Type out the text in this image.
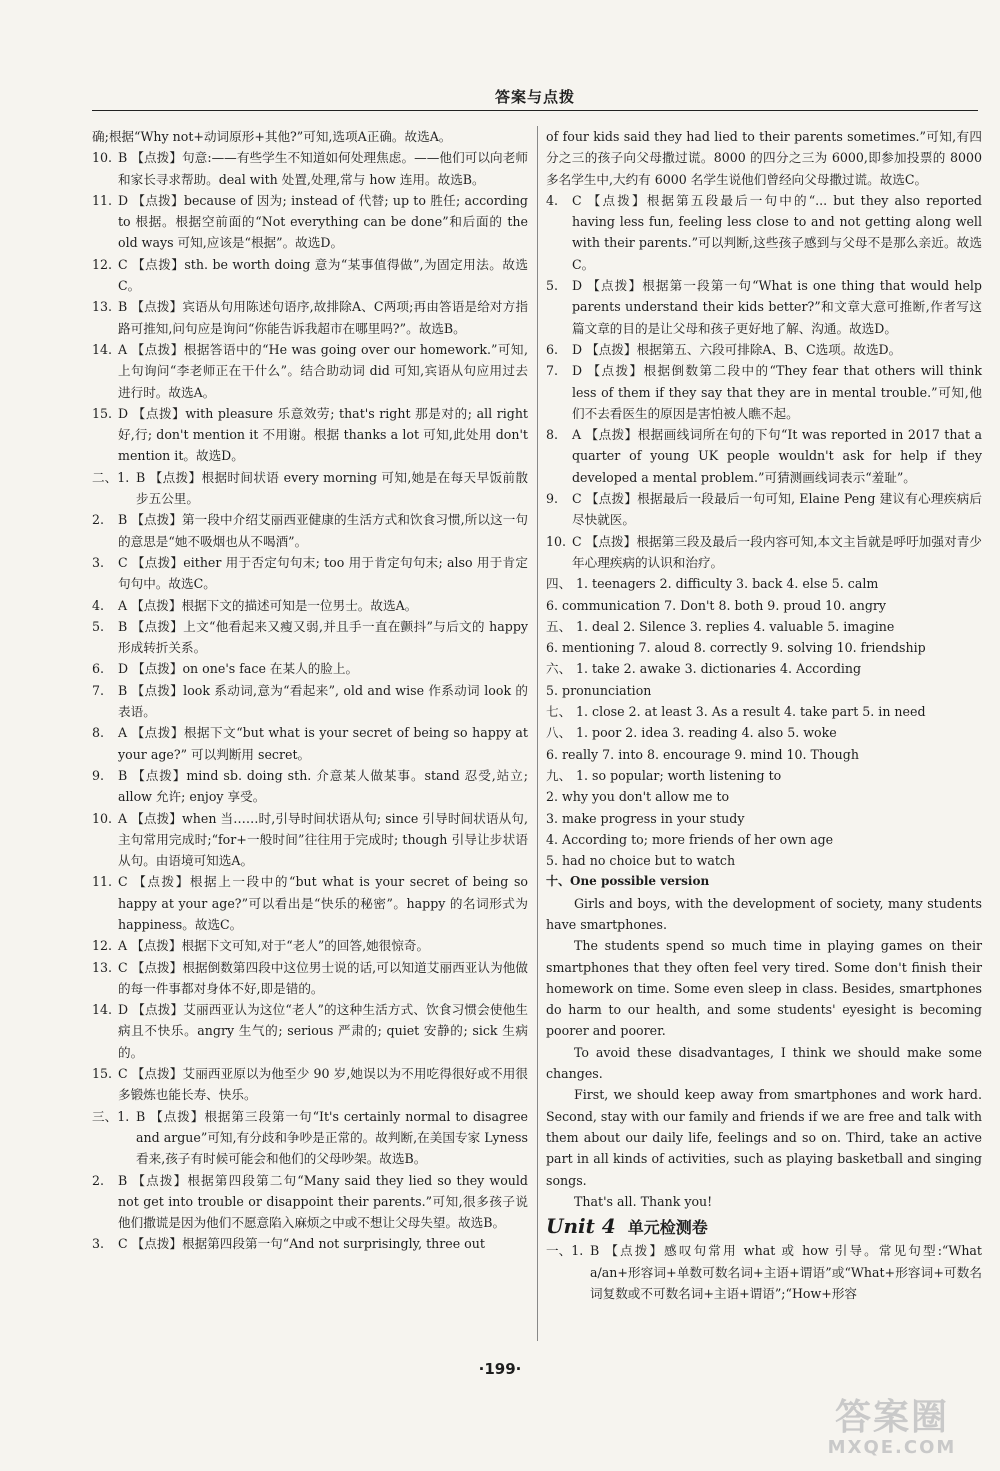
答案与点拨
确;根据“Why not+动词原形+其他?”可知,选项A正确。故选A。
10. B 【点拨】句意:——有些学生不知道如何处理焦虑。——他们可以向老师和家长寻求帮助。deal with 处置,处理,常与 how 连用。故选B。
11. D 【点拨】because of 因为; instead of 代替; up to 胜任; according to 根据。根据空前面的“Not everything can be done”和后面的 the old ways 可知,应该是“根据”。故选D。
12. C 【点拨】sth. be worth doing 意为“某事值得做”,为固定用法。故选C。
13. B 【点拨】宾语从句用陈述句语序,故排除A、C两项;再由答语是给对方指路可推知,问句应是询问“你能告诉我超市在哪里吗?”。故选B。
14. A 【点拨】根据答语中的“He was going over our homework.”可知,上句询问“李老师正在干什么”。结合助动词 did 可知,宾语从句应用过去进行时。故选A。
15. D 【点拨】with pleasure 乐意效劳; that's right 那是对的; all right 好,行; don't mention it 不用谢。根据 thanks a lot 可知,此处用 don't mention it。故选D。
二、1. B 【点拨】根据时间状语 every morning 可知,她是在每天早饭前散步五公里。
2.	B 【点拨】第一段中介绍艾丽西亚健康的生活方式和饮食习惯,所以这一句的意思是“她不吸烟也从不喝酒”。
3.	C 【点拨】either 用于否定句句末; too 用于肯定句句末; also 用于肯定句句中。故选C。
4.	A 【点拨】根据下文的描述可知是一位男士。故选A。
5.	B 【点拨】上文“他看起来又瘦又弱,并且手一直在颤抖”与后文的 happy 形成转折关系。
6.	D 【点拨】on one's face 在某人的脸上。
7.	B 【点拨】look 系动词,意为“看起来”, old and wise 作系动词 look 的表语。
8.	A 【点拨】根据下文“but what is your secret of being so happy at your age?” 可以判断用 secret。
9.	B 【点拨】mind sb. doing sth. 介意某人做某事。stand 忍受,站立; allow 允许; enjoy 享受。
10. A 【点拨】when 当……时,引导时间状语从句; since 引导时间状语从句,主句常用完成时;“for+一般时间”往往用于完成时; though 引导让步状语从句。由语境可知选A。
11. C 【点拨】根据上一段中的“but what is your secret of being so happy at your age?”可以看出是“快乐的秘密”。happy 的名词形式为 happiness。故选C。
12. A 【点拨】根据下文可知,对于“老人”的回答,她很惊奇。
13. C 【点拨】根据倒数第四段中这位男士说的话,可以知道艾丽西亚认为他做的每一件事都对身体不好,即是错的。
14. D 【点拨】艾丽西亚认为这位“老人”的这种生活方式、饮食习惯会使他生病且不快乐。angry 生气的; serious 严肃的; quiet 安静的; sick 生病的。
15. C 【点拨】艾丽西亚原以为他至少 90 岁,她误以为不用吃得很好或不用很多锻炼也能长寿、快乐。
三、1. B 【点拨】根据第三段第一句“It's certainly normal to disagree and argue”可知,有分歧和争吵是正常的。故判断,在美国专家 Lyness 看来,孩子有时候可能会和他们的父母吵架。故选B。
2.	B 【点拨】根据第四段第二句“Many said they lied so they would not get into trouble or disappoint their parents.”可知,很多孩子说他们撒谎是因为他们不愿意陷入麻烦之中或不想让父母失望。故选B。
3.	C 【点拨】根据第四段第一句“And not surprisingly, three out
of four kids said they had lied to their parents sometimes.”可知,有四分之三的孩子向父母撒过谎。8000 的四分之三为 6000,即参加投票的 8000 多名学生中,大约有 6000 名学生说他们曾经向父母撒过谎。故选C。
4.	C 【点拨】根据第五段最后一句中的“... but they also reported having less fun, feeling less close to and not getting along well with their parents.”可以判断,这些孩子感到与父母不是那么亲近。故选C。
5.	D 【点拨】根据第一段第一句“What is one thing that would help parents understand their kids better?”和文章大意可推断,作者写这篇文章的目的是让父母和孩子更好地了解、沟通。故选D。
6.	D 【点拨】根据第五、六段可排除A、B、C选项。故选D。
7.	D 【点拨】根据倒数第二段中的“They fear that others will think less of them if they say that they are in mental trouble.”可知,他们不去看医生的原因是害怕被人瞧不起。
8.	A 【点拨】根据画线词所在句的下句“It was reported in 2017 that a quarter of young UK people wouldn't ask for help if they developed a mental problem.”可猜测画线词表示“羞耻”。
9.	C 【点拨】根据最后一段最后一句可知, Elaine Peng 建议有心理疾病后尽快就医。
10. C 【点拨】根据第三段及最后一段内容可知,本文主旨就是呼吁加强对青少年心理疾病的认识和治疗。
四、 1. teenagers 2. difficulty 3. back 4. else 5. calm
6. communication 7. Don't 8. both 9. proud 10. angry
五、 1. deal 2. Silence 3. replies 4. valuable 5. imagine
6. mentioning 7. aloud 8. correctly 9. solving 10. friendship
六、 1. take 2. awake 3. dictionaries 4. According
5. pronunciation
七、 1. close 2. at least 3. As a result 4. take part 5. in need
八、 1. poor 2. idea 3. reading 4. also 5. woke
6. really 7. into 8. encourage 9. mind 10. Though
九、 1. so popular; worth listening to
2. why you don't allow me to
3. make progress in your study
4. According to; more friends of her own age
5. had no choice but to watch
十、One possible version

Girls and boys, with the development of society, many students have smartphones.

The students spend so much time in playing games on their smartphones that they often feel very tired. Some don't finish their homework on time. Some even sleep in class. Besides, smartphones do harm to our health, and some students' eyesight is becoming poorer and poorer.

To avoid these disadvantages, I think we should make some changes.

First, we should keep away from smartphones and work hard. Second, stay with our family and friends if we are free and talk with them about our daily life, feelings and so on. Third, take an active part in all kinds of activities, such as playing basketball and singing songs.

That's all. Thank you!

Unit 4 单元检测卷
一、1. B 【点拨】感叹句常用 what 或 how 引导。常见句型:“What a/an+形容词+单数可数名词+主语+谓语”或“What+形容词+可数名词复数或不可数名词+主语+谓语”;“How+形容
·199·
答案圈
MXQE.COM
